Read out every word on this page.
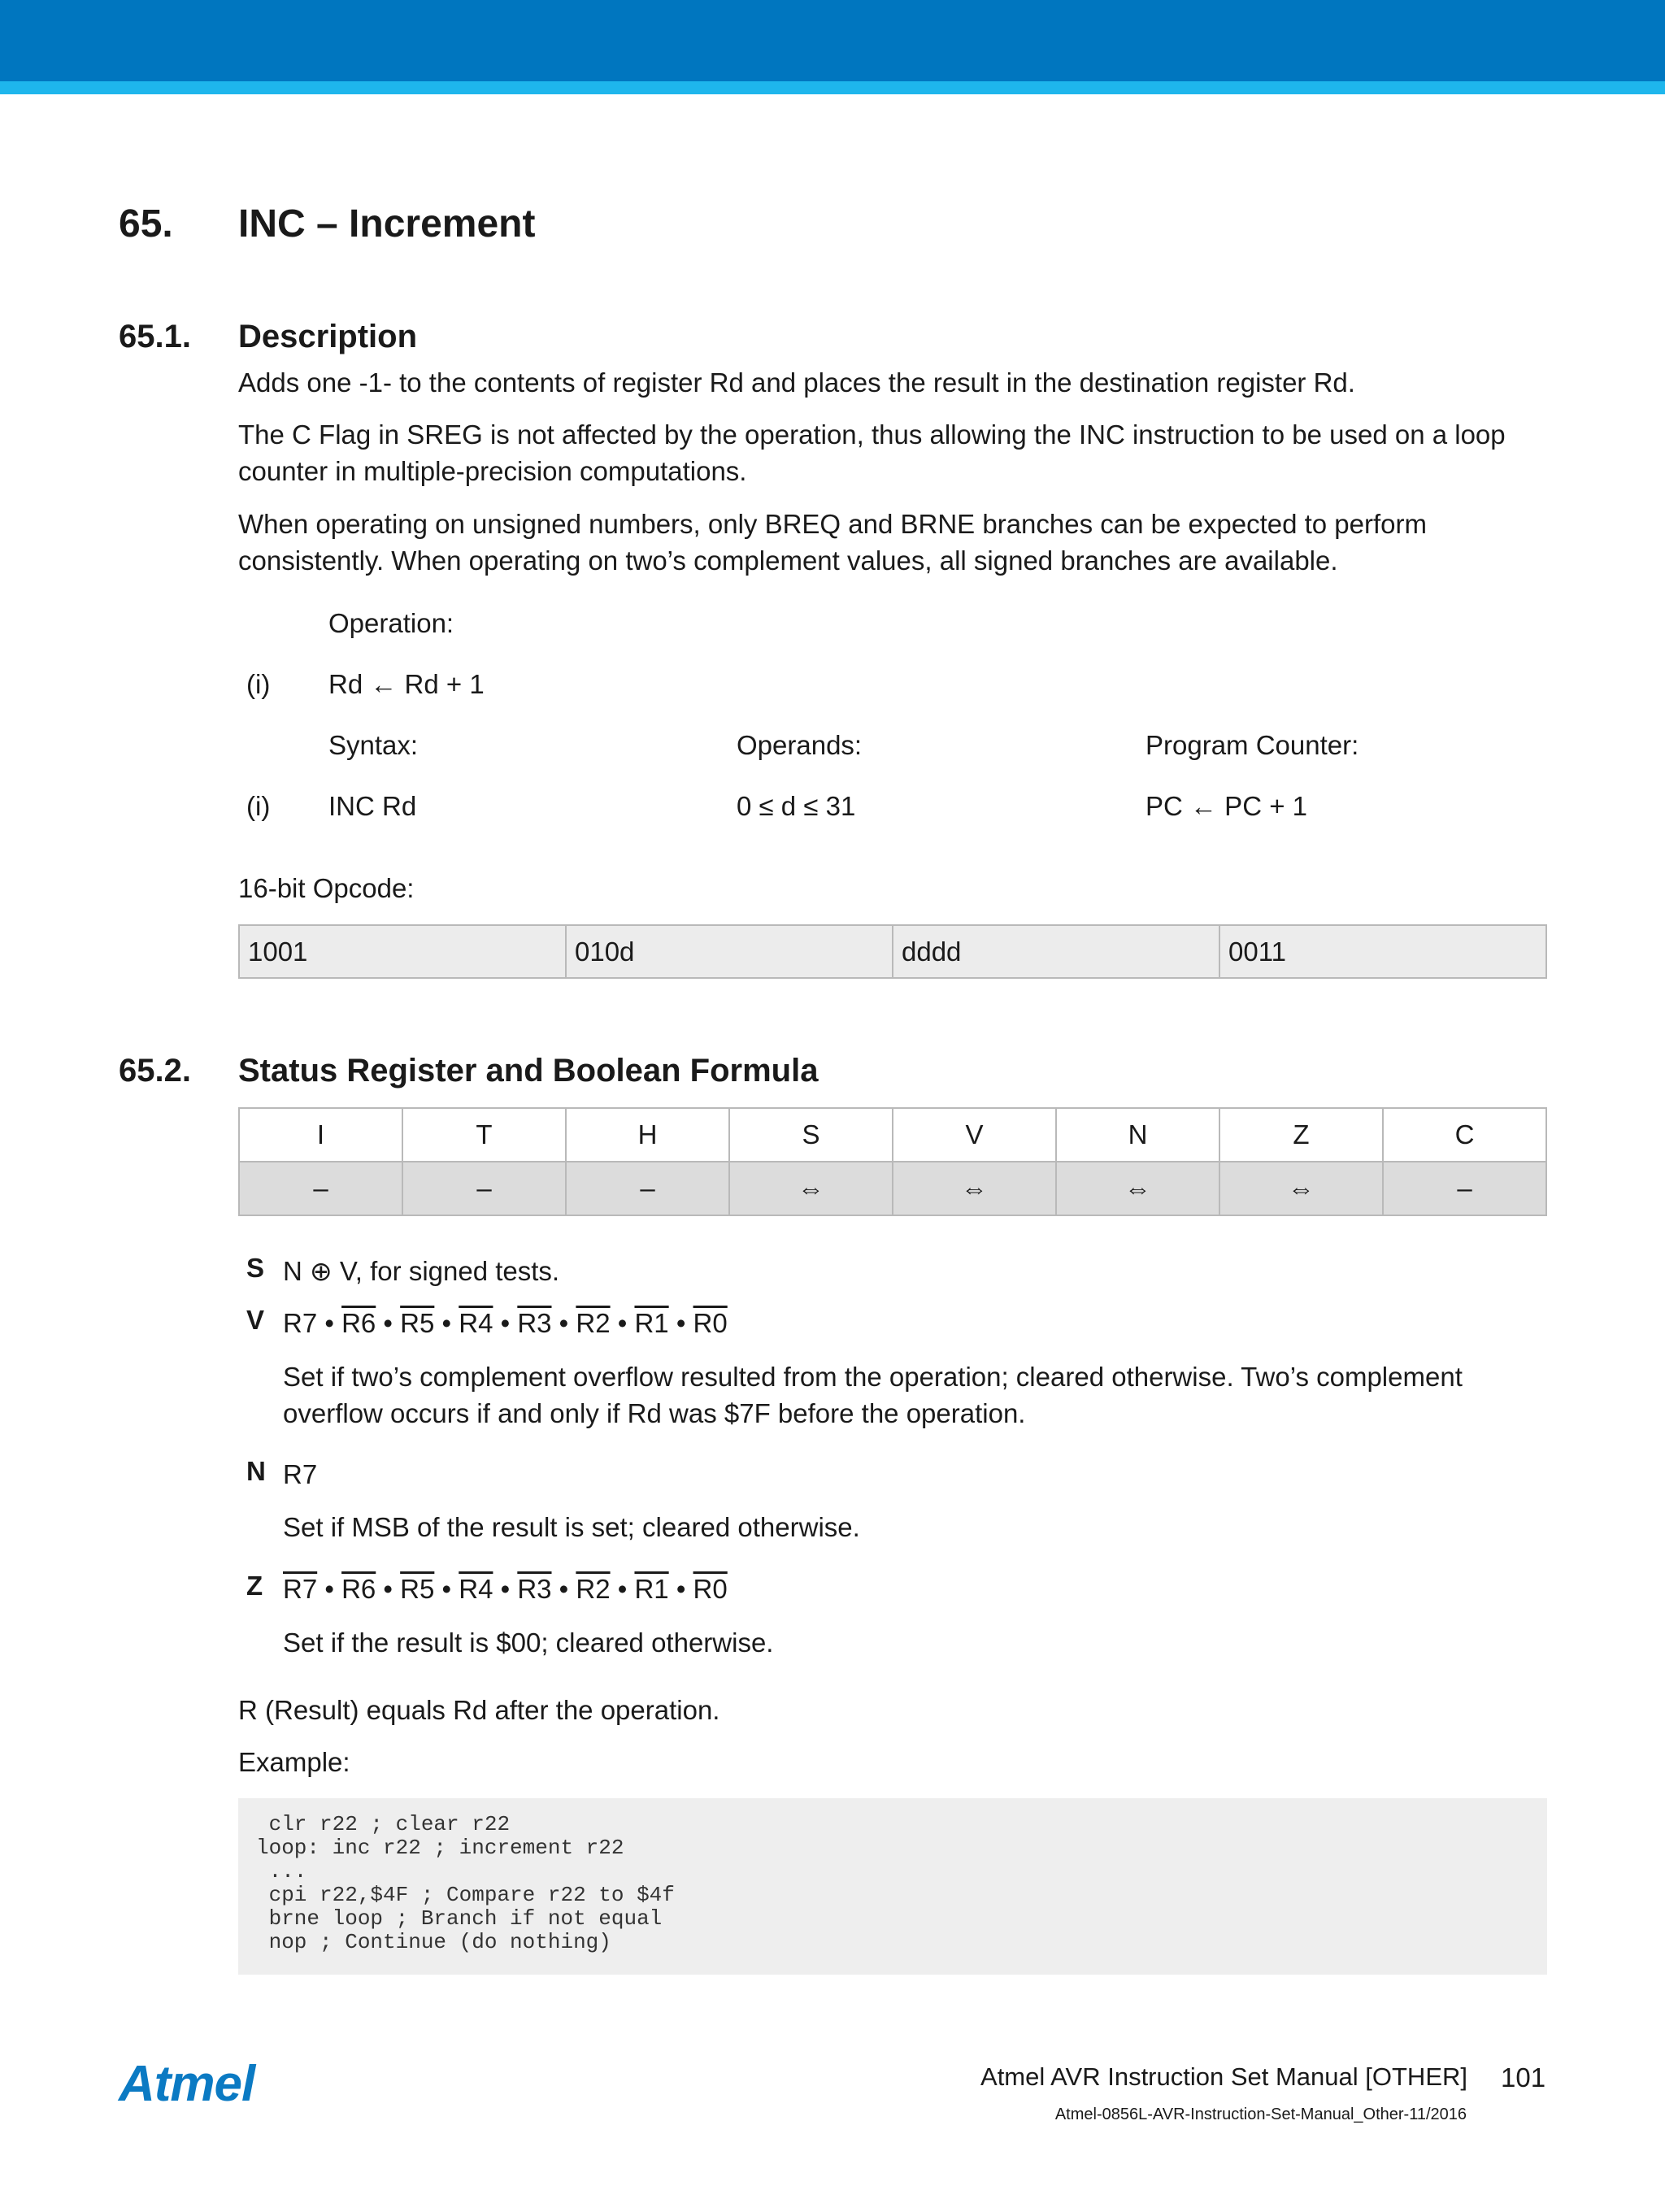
65. INC – Increment
65.1. Description

Adds one -1- to the contents of register Rd and places the result in the destination register Rd.

The C Flag in SREG is not affected by the operation, thus allowing the INC instruction to be used on a loop counter in multiple-precision computations.

When operating on unsigned numbers, only BREQ and BRNE branches can be expected to perform consistently. When operating on two’s complement values, all signed branches are available.

Operation:
(i) Rd ← Rd + 1
Syntax:	Operands:	Program Counter:
(i) INC Rd	0 ≤ d ≤ 31	PC ← PC + 1
16-bit Opcode:
1001	010d	dddd	0011
65.2. Status Register and Boolean Formula
I	T	H	S	V	N	Z	C
–	–	–	⇔	⇔	⇔	⇔	–
S N ⊕ V, for signed tests.
V R7 • R6 • R5 • R4 • R3 • R2 • R1 • R0
Set if two’s complement overflow resulted from the operation; cleared otherwise. Two’s complement overflow occurs if and only if Rd was $7F before the operation.
N R7
Set if MSB of the result is set; cleared otherwise.
Z R7 • R6 • R5 • R4 • R3 • R2 • R1 • R0
Set if the result is $00; cleared otherwise.
R (Result) equals Rd after the operation.
Example:
clr r22 ; clear r22
loop: inc r22 ; increment r22
...
cpi r22,$4F ; Compare r22 to $4f
brne loop ; Branch if not equal
nop ; Continue (do nothing)
Atmel	Atmel AVR Instruction Set Manual [OTHER] 101
Atmel-0856L-AVR-Instruction-Set-Manual_Other-11/2016
